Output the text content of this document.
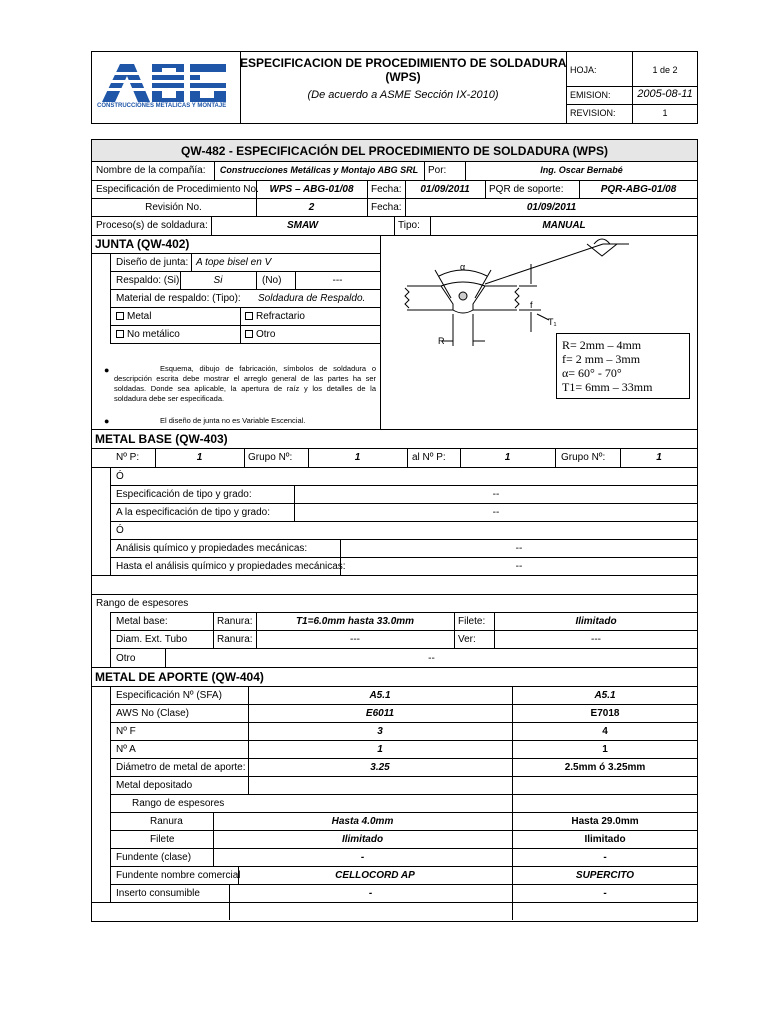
CONSTRUCCIONES METALICAS Y MONTAJE
ESPECIFICACION DE PROCEDIMIENTO DE SOLDADURA
(WPS)
(De acuerdo a ASME Sección IX-2010)
HOJA:	1 de 2
EMISION:	2005-08-11
REVISION:	1
QW-482 - ESPECIFICACIÓN DEL PROCEDIMIENTO DE SOLDADURA (WPS)
Nombre de la compañía:	Construcciones Metálicas y Montajo ABG SRL Por:	Ing. Oscar Bernabé
Especificación de Procedimiento No.	WPS – ABG-01/08	Fecha:	01/09/2011	PQR de soporte:	PQR-ABG-01/08
Revisión No.	2	Fecha:	01/09/2011
Proceso(s) de soldadura:	SMAW	Tipo:	MANUAL
JUNTA (QW-402)
Diseño de junta: A tope bisel en V
Respaldo: (Si)	Si	(No)	---
Material de respaldo: (Tipo): Soldadura de Respaldo.
Metal	Refractario
No metálico	Otro
●	Esquema, dibujo de fabricación, símbolos de soldadura o descripción escrita debe mostrar el arreglo general de las partes ha ser soldadas. Donde sea aplicable, la apertura de raíz y los detalles de la soldadura debe ser especificada.
●	El diseño de junta no es Variable Escencial.
α
R
f
T₁
R= 2mm – 4mm
f= 2 mm – 3mm
α= 60° - 70°
T1= 6mm – 33mm
METAL BASE (QW-403)
Nº P:	1	Grupo Nº:	1	al Nº P:	1	Grupo Nº:	1
Ó
Especificación de tipo y grado:	--
A la especificación de tipo y grado:	--
Ó
Análisis químico y propiedades mecánicas:	--
Hasta el análisis químico y propiedades mecánicas:	--
Rango de espesores
Metal base:	Ranura:	T1=6.0mm hasta 33.0mm	Filete:	Ilimitado
Diam. Ext. Tubo	Ranura:	---	Ver:	---
Otro	--
METAL DE APORTE (QW-404)
Especificación Nº (SFA)	A5.1	A5.1
AWS No (Clase)	E6011	E7018
Nº F	3	4
Nº A	1	1
Diámetro de metal de aporte:	3.25	2.5mm ó 3.25mm
Metal depositado
Rango de espesores
Ranura	Hasta 4.0mm	Hasta 29.0mm
Filete	Ilimitado	Ilimitado
Fundente (clase)	-	-
Fundente nombre comercial	CELLOCORD AP	SUPERCITO
Inserto consumible	-	-
